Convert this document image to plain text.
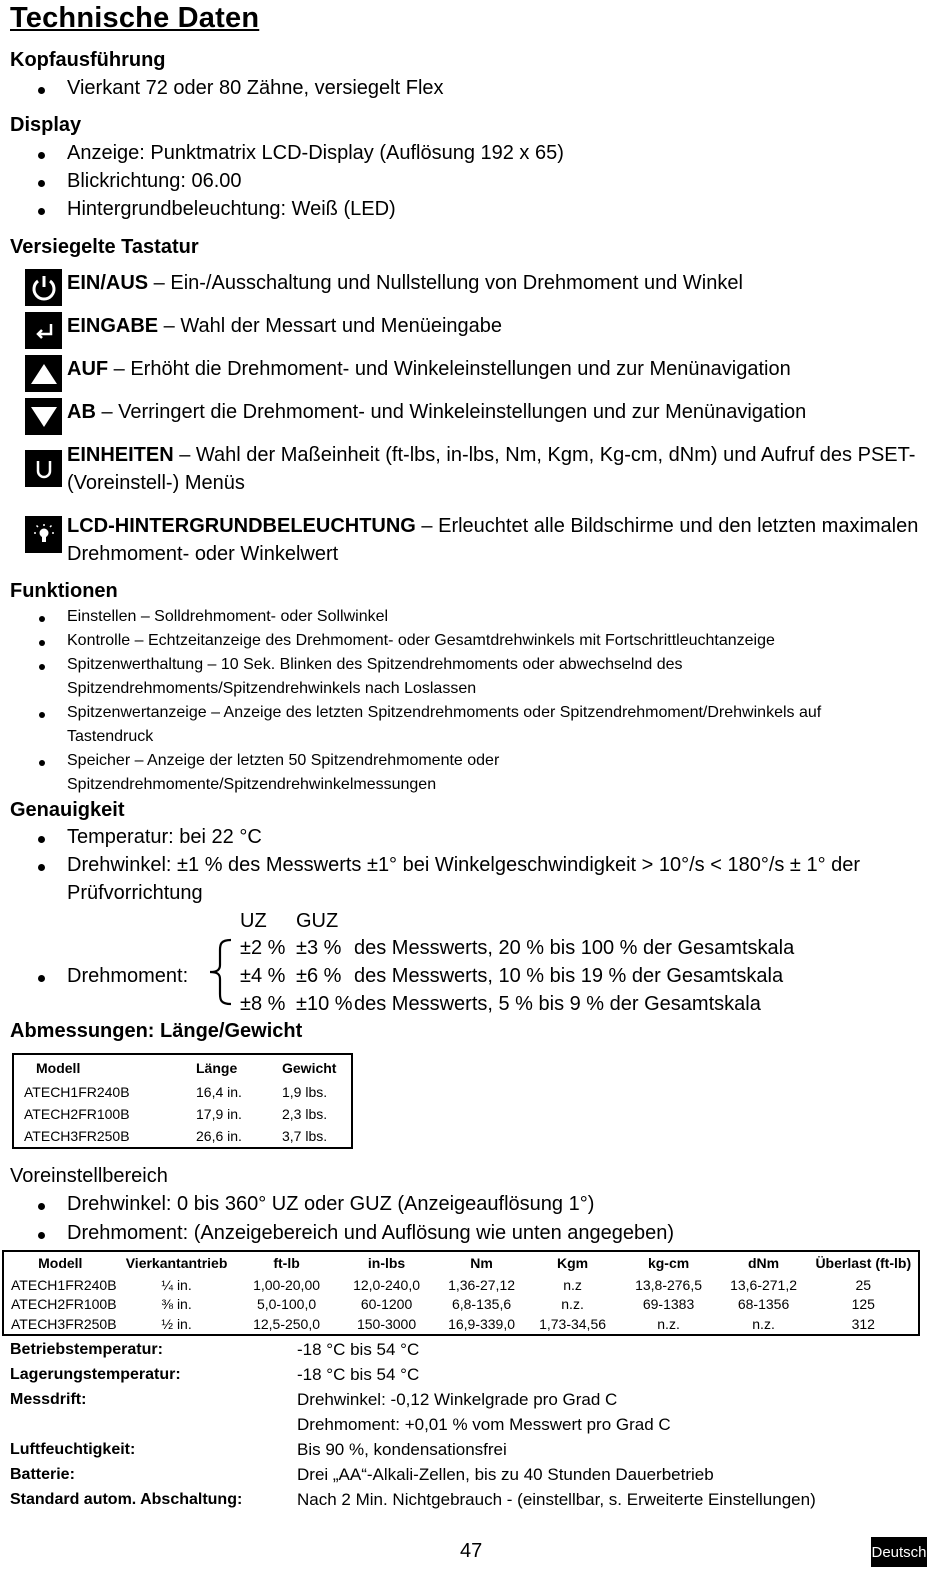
Technische Daten
Kopfausführung
Vierkant 72 oder 80 Zähne, versiegelt Flex
Display
Anzeige: Punktmatrix LCD-Display (Auflösung 192 x 65)
Blickrichtung: 06.00
Hintergrundbeleuchtung: Weiß (LED)
Versiegelte Tastatur
EIN/AUS – Ein-/Ausschaltung und Nullstellung von Drehmoment und Winkel
EINGABE – Wahl der Messart und Menüeingabe
AUF – Erhöht die Drehmoment- und Winkeleinstellungen und zur Menünavigation
AB – Verringert die Drehmoment- und Winkeleinstellungen und zur Menünavigation
EINHEITEN – Wahl der Maßeinheit (ft-lbs, in-lbs, Nm, Kgm, Kg-cm, dNm) und Aufruf des PSET-
(Voreinstell-) Menüs
LCD-HINTERGRUNDBELEUCHTUNG – Erleuchtet alle Bildschirme und den letzten maximalen
Drehmoment- oder Winkelwert
Funktionen
Einstellen – Solldrehmoment- oder Sollwinkel
Kontrolle – Echtzeitanzeige des Drehmoment- oder Gesamtdrehwinkels mit Fortschrittleuchtanzeige
Spitzenwerthaltung – 10 Sek. Blinken des Spitzendrehmoments oder abwechselnd des
Spitzendrehmoments/Spitzendrehwinkels nach Loslassen
Spitzenwertanzeige – Anzeige des letzten Spitzendrehmoments oder Spitzendrehmoment/Drehwinkels auf
Tastendruck
Speicher – Anzeige der letzten 50 Spitzendrehmomente oder
Spitzendrehmomente/Spitzendrehwinkelmessungen
Genauigkeit
Temperatur: bei 22 °C
Drehwinkel: ±1 % des Messwerts ±1° bei Winkelgeschwindigkeit > 10°/s < 180°/s ± 1° der
Prüfvorrichtung
UZ GUZ
Drehmoment:
±2 % ±3 % des Messwerts, 20 % bis 100 % der Gesamtskala
±4 % ±6 % des Messwerts, 10 % bis 19 % der Gesamtskala
±8 % ±10 % des Messwerts, 5 % bis 9 % der Gesamtskala
Abmessungen: Länge/Gewicht
Modell	Länge	Gewicht
ATECH1FR240B	16,4 in.	1,9 lbs.
ATECH2FR100B	17,9 in.	2,3 lbs.
ATECH3FR250B	26,6 in.	3,7 lbs.
Voreinstellbereich
Drehwinkel: 0 bis 360° UZ oder GUZ (Anzeigeauflösung 1°)
Drehmoment: (Anzeigebereich und Auflösung wie unten angegeben)
Modell	Vierkantantrieb	ft-lb	in-lbs	Nm	Kgm	kg-cm	dNm	Überlast (ft-lb)
ATECH1FR240B	¼ in.	1,00-20,00	12,0-240,0	1,36-27,12	n.z	13,8-276,5	13,6-271,2	25
ATECH2FR100B	⅜ in.	5,0-100,0	60-1200	6,8-135,6	n.z.	69-1383	68-1356	125
ATECH3FR250B	½ in.	12,5-250,0	150-3000	16,9-339,0	1,73-34,56	n.z.	n.z.	312
Betriebstemperatur:	-18 °C bis 54 °C
Lagerungstemperatur:	-18 °C bis 54 °C
Messdrift:	Drehwinkel: -0,12 Winkelgrade pro Grad C
Drehmoment: +0,01 % vom Messwert pro Grad C
Luftfeuchtigkeit:	Bis 90 %, kondensationsfrei
Batterie:	Drei „AA“-Alkali-Zellen, bis zu 40 Stunden Dauerbetrieb
Standard autom. Abschaltung:	Nach 2 Min. Nichtgebrauch - (einstellbar, s. Erweiterte Einstellungen)
47	Deutsch
